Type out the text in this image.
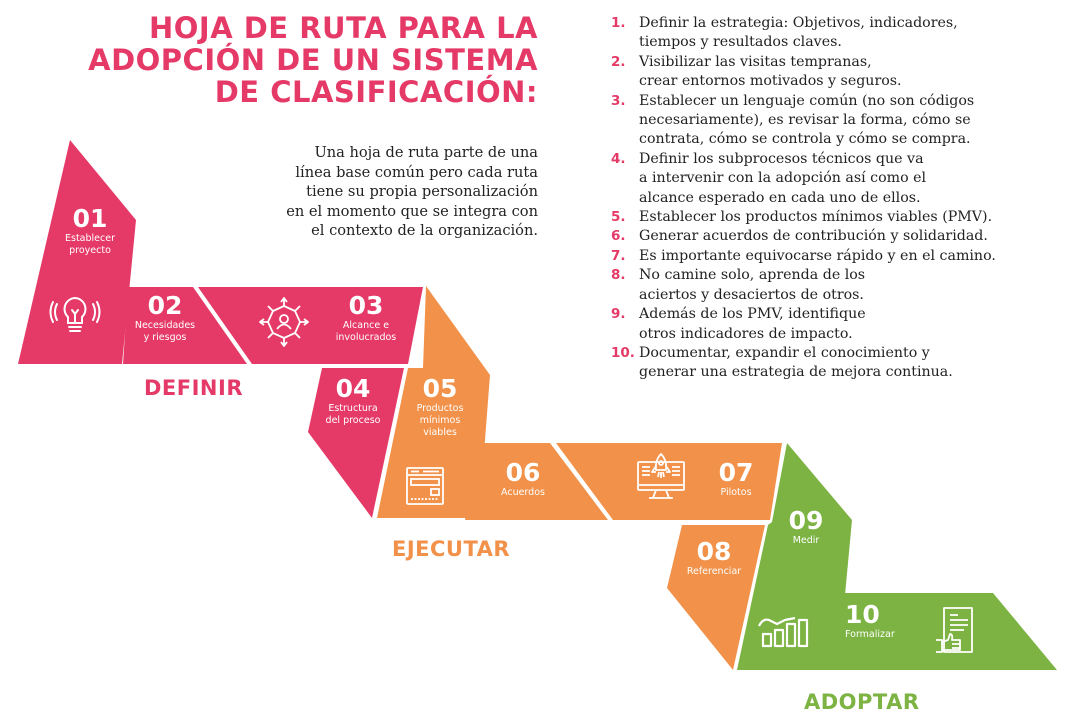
HOJA DE RUTA PARA LA
ADOPCIÓN DE UN SISTEMA
DE CLASIFICACIÓN:
Una hoja de ruta parte de una
línea base común pero cada ruta
tiene su propia personalización
en el momento que se integra con
el contexto de la organización.
1. Definir la estrategia: Objetivos, indicadores,
tiempos y resultados claves.
2. Visibilizar las visitas tempranas,
crear entornos motivados y seguros.
3. Establecer un lenguaje común (no son códigos
necesariamente), es revisar la forma, cómo se
contrata, cómo se controla y cómo se compra.
4. Definir los subprocesos técnicos que va
a intervenir con la adopción así como el
alcance esperado en cada uno de ellos.
5. Establecer los productos mínimos viables (PMV).
6. Generar acuerdos de contribución y solidaridad.
7. Es importante equivocarse rápido y en el camino.
8. No camine solo, aprenda de los
aciertos y desaciertos de otros.
9. Además de los PMV, identifique
otros indicadores de impacto.
10. Documentar, expandir el conocimiento y
generar una estrategia de mejora continua.
01
Establecer
proyecto
02
Necesidades
y riesgos
03
Alcance e
involucrados
DEFINIR	04
Estructura
del proceso
05
Productos
mínimos
viables
06
Acuerdos
07
Pilotos
EJECUTAR	08
Referenciar
09
Medir
10
Formalizar
ADOPTAR
